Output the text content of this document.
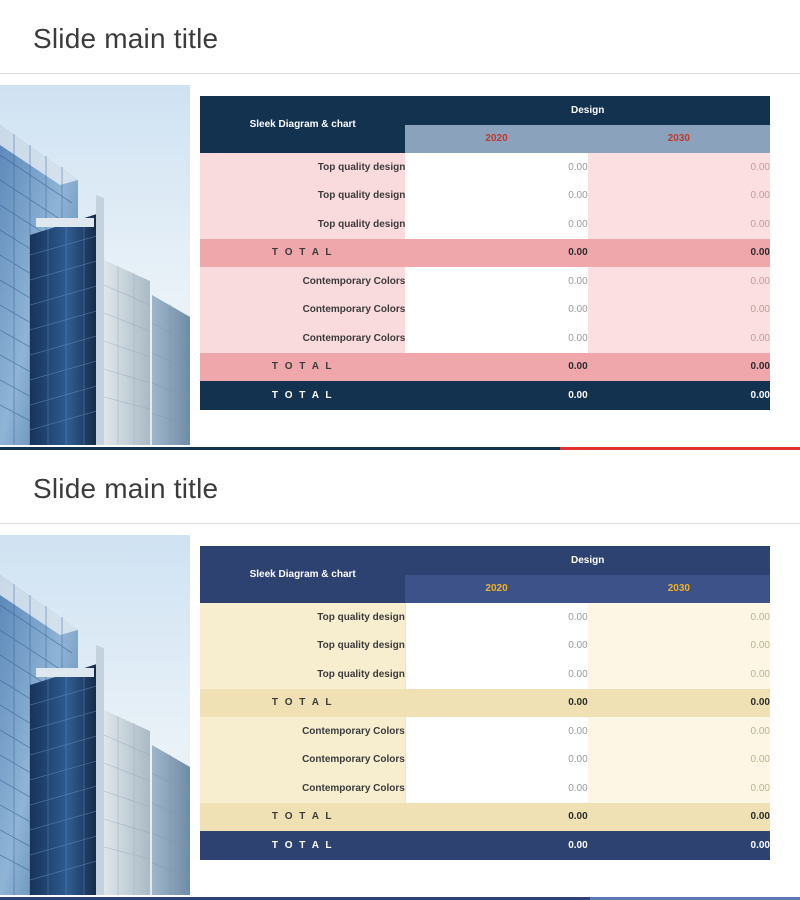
Slide main title
Sleek Diagram & chart	Design	
	2020	2030
Top quality design	0.00	0.00
Top quality design	0.00	0.00
Top quality design	0.00	0.00
T O T A L	0.00	0.00
Contemporary Colors	0.00	0.00
Contemporary Colors	0.00	0.00
Contemporary Colors	0.00	0.00
T O T A L	0.00	0.00
T O T A L	0.00	0.00
Slide main title
Sleek Diagram & chart	Design	
	2020	2030
Top quality design	0.00	0.00
Top quality design	0.00	0.00
Top quality design	0.00	0.00
T O T A L	0.00	0.00
Contemporary Colors	0.00	0.00
Contemporary Colors	0.00	0.00
Contemporary Colors	0.00	0.00
T O T A L	0.00	0.00
T O T A L	0.00	0.00
